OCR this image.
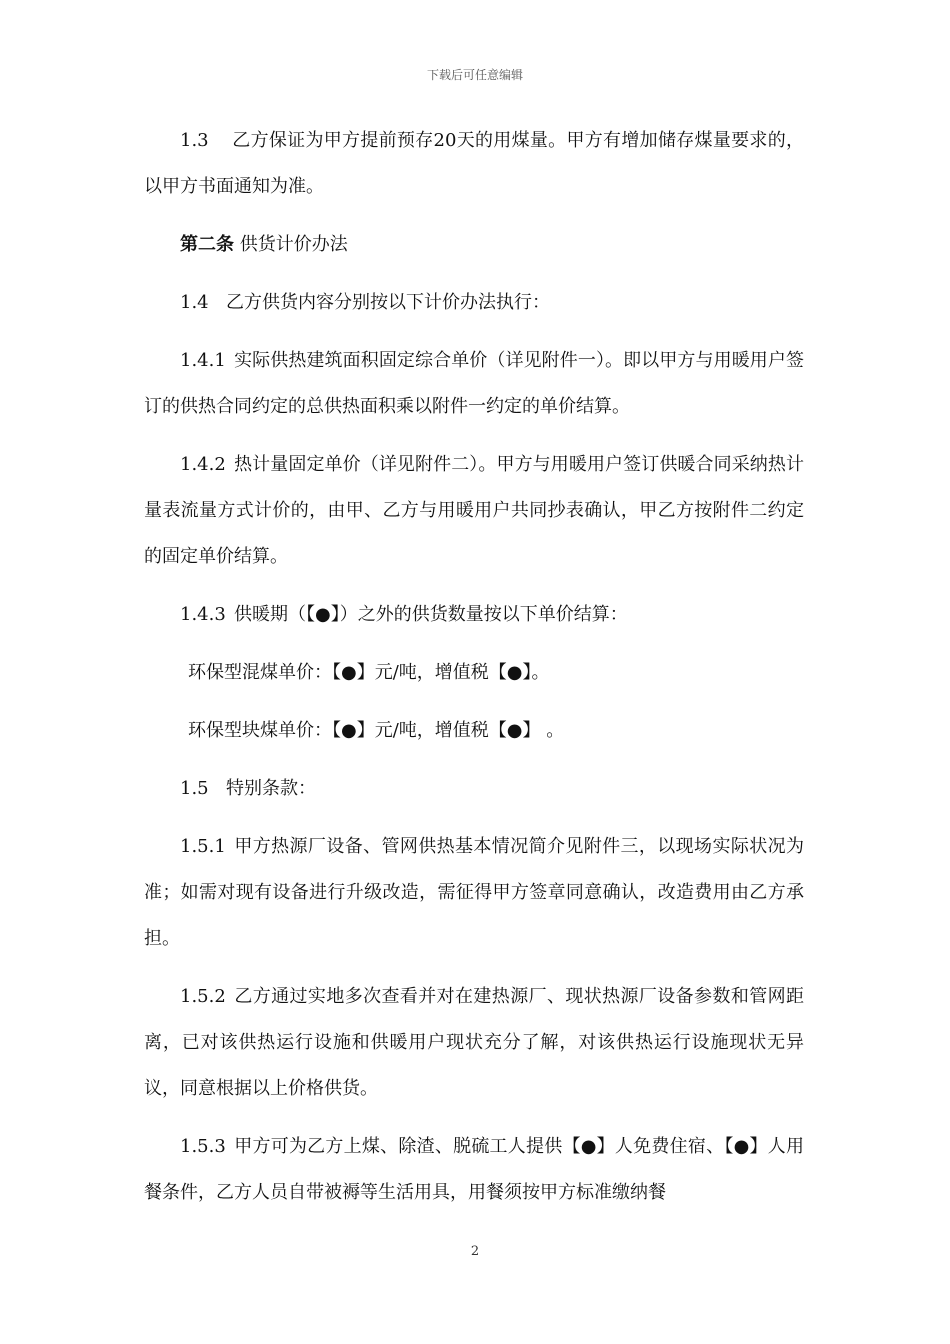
下载后可任意编辑

1.3 乙方保证为甲方提前预存20天的用煤量。甲方有增加储存煤量要求的，以甲方书面通知为准。

第二条 供货计价办法

1.4 乙方供货内容分别按以下计价办法执行：

1.4.1 实际供热建筑面积固定综合单价（详见附件一）。即以甲方与用暖用户签订的供热合同约定的总供热面积乘以附件一约定的单价结算。

1.4.2 热计量固定单价（详见附件二）。甲方与用暖用户签订供暖合同采纳热计量表流量方式计价的，由甲、乙方与用暖用户共同抄表确认，甲乙方按附件二约定的固定单价结算。

1.4.3 供暖期（【●】）之外的供货数量按以下单价结算：

环保型混煤单价：【●】元/吨，增值税【●】。

环保型块煤单价：【●】元/吨，增值税【●】 。

1.5 特别条款：

1.5.1 甲方热源厂设备、管网供热基本情况简介见附件三，以现场实际状况为准；如需对现有设备进行升级改造，需征得甲方签章同意确认，改造费用由乙方承担。

1.5.2 乙方通过实地多次查看并对在建热源厂、现状热源厂设备参数和管网距离，已对该供热运行设施和供暖用户现状充分了解，对该供热运行设施现状无异议，同意根据以上价格供货。

1.5.3 甲方可为乙方上煤、除渣、脱硫工人提供【●】人免费住宿、【●】人用餐条件，乙方人员自带被褥等生活用具，用餐须按甲方标准缴纳餐

2
